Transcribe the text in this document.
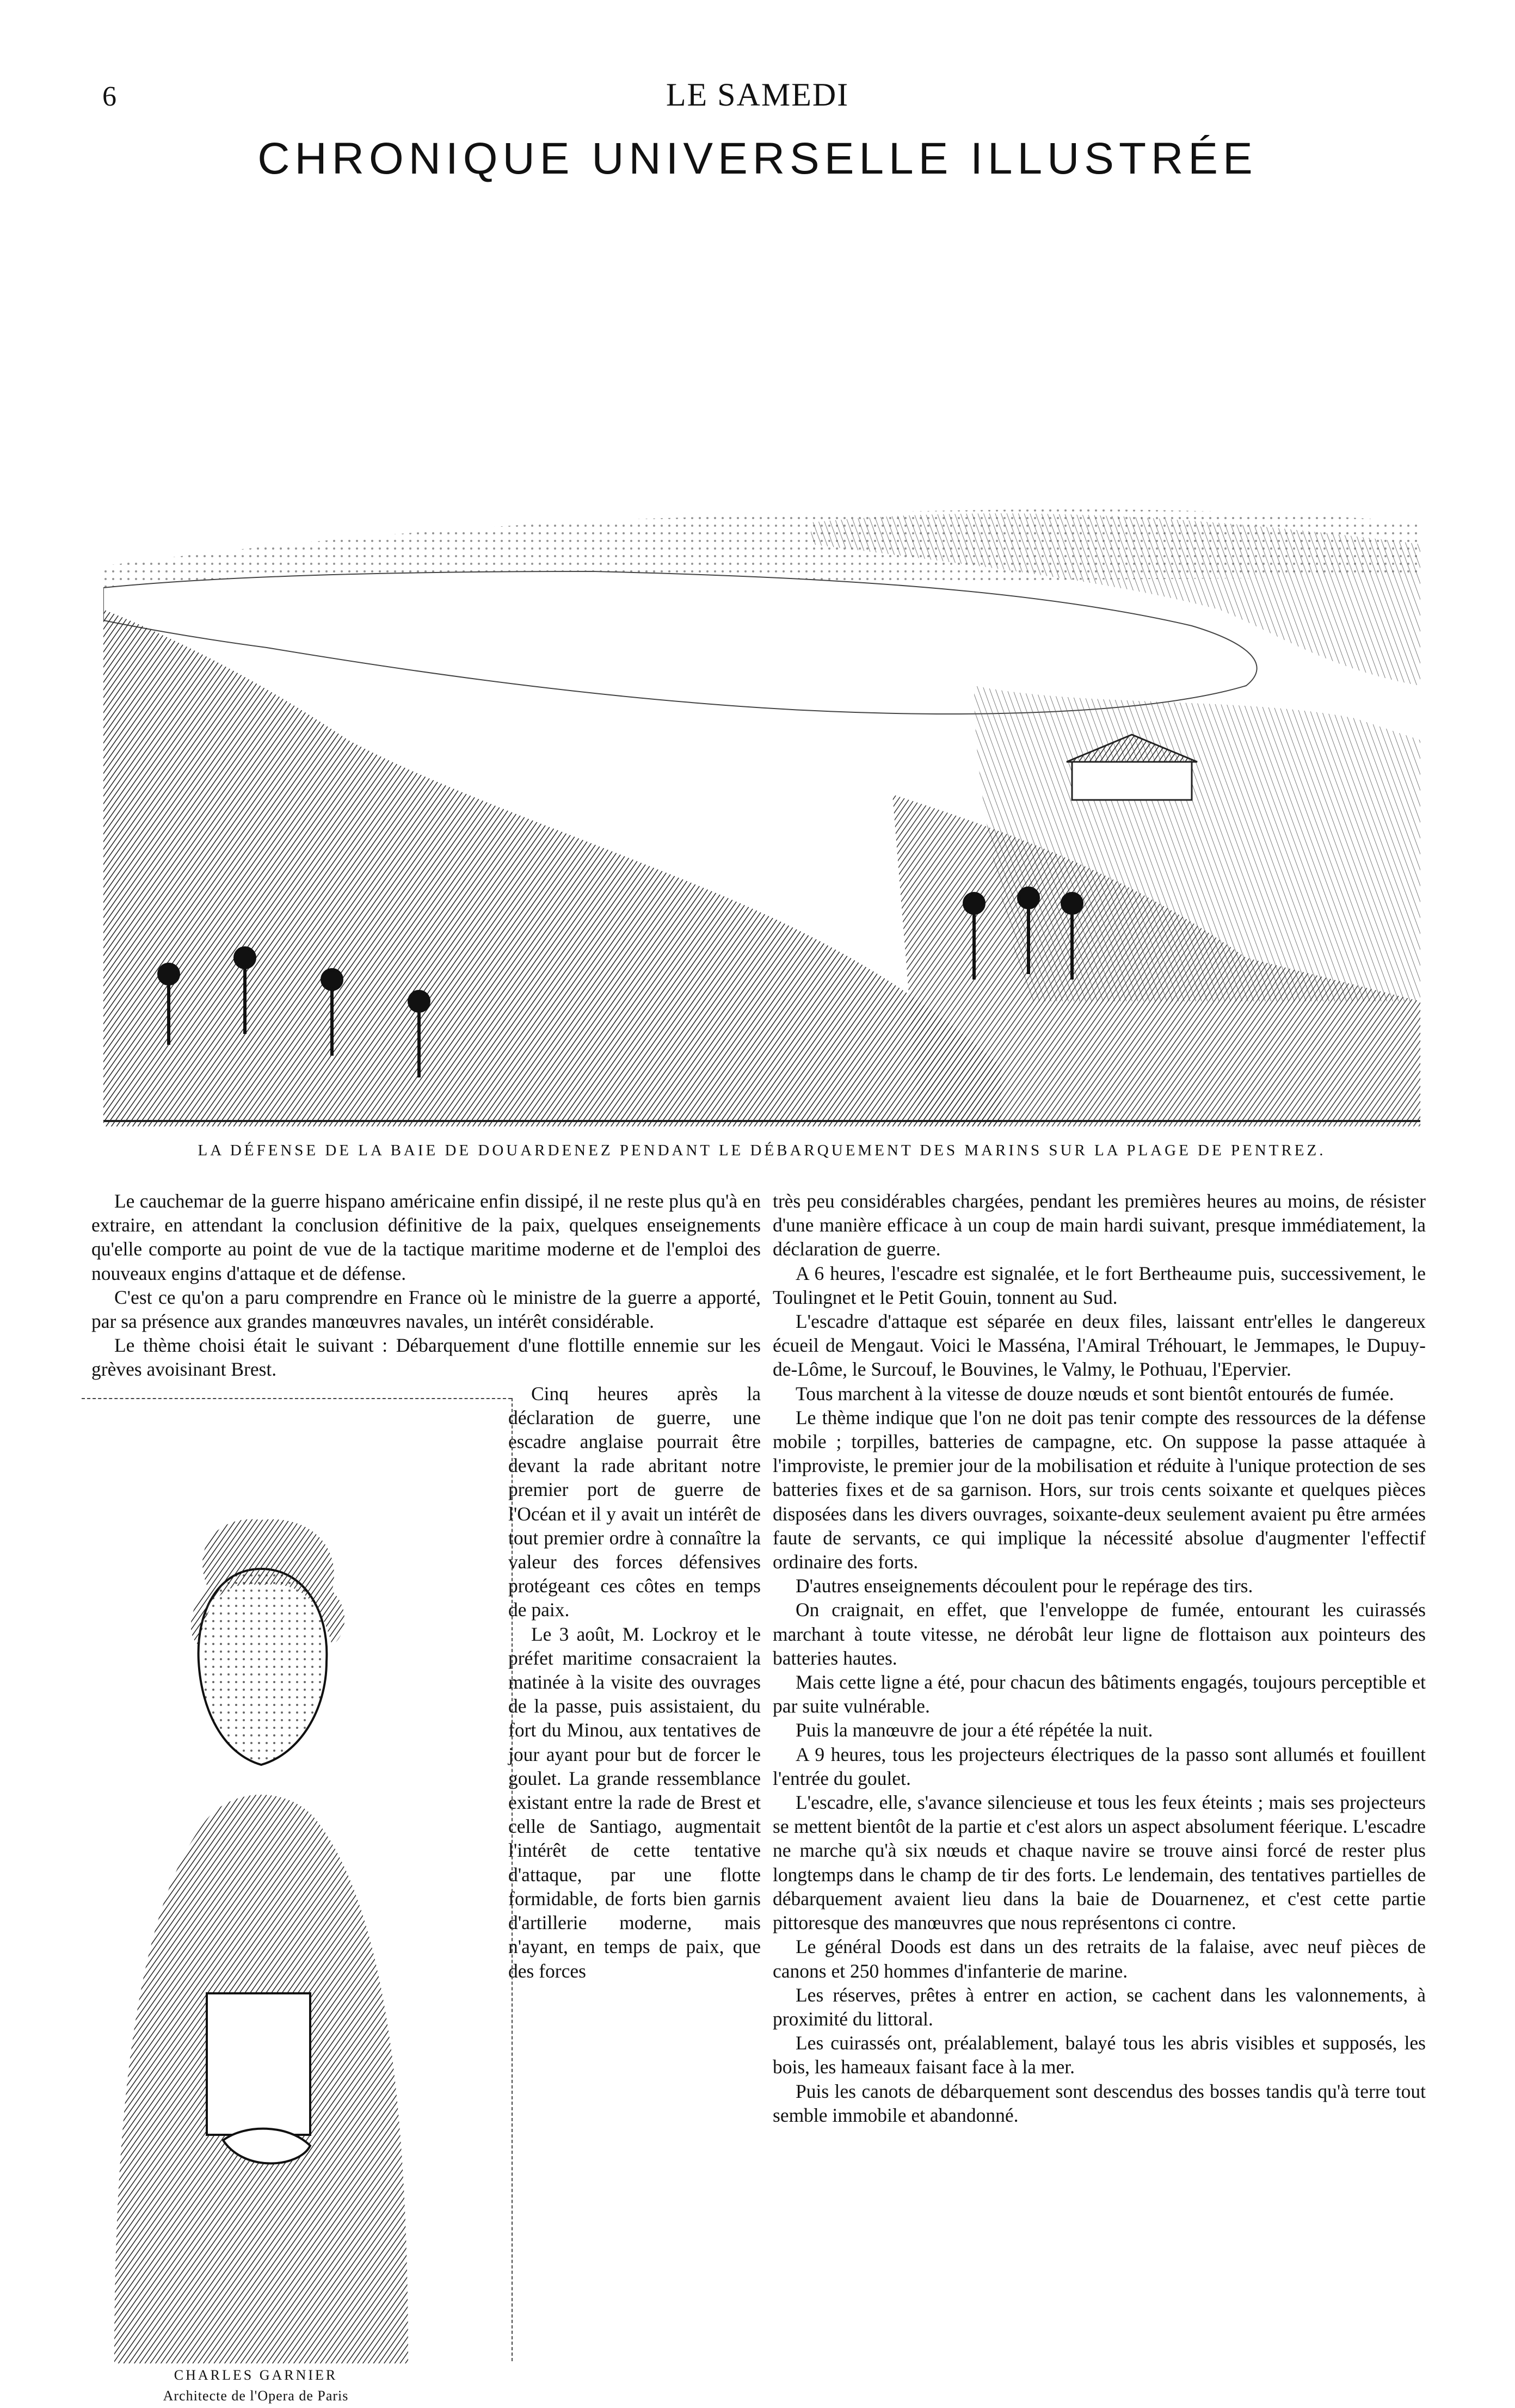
6	LE SAMEDI
CHRONIQUE UNIVERSELLE ILLUSTRÉE
LA DÉFENSE DE LA BAIE DE DOUARDENEZ PENDANT LE DÉBARQUEMENT DES MARINS SUR LA PLAGE DE PENTREZ.

Le cauchemar de la guerre hispano américaine enfin dissipé, il ne reste plus qu'à en extraire, en attendant la conclusion définitive de la paix, quelques enseignements qu'elle comporte au point de vue de la tactique maritime moderne et de l'emploi des nouveaux engins d'attaque et de défense.

C'est ce qu'on a paru comprendre en France où le ministre de la guerre a apporté, par sa présence aux grandes manœuvres navales, un intérêt considérable.

Le thème choisi était le suivant : Débarquement d'une flottille ennemie sur les grèves avoisinant Brest.

CHARLES GARNIER
Architecte de l'Opera de Paris

Cinq heures après la déclaration de guerre, une escadre anglaise pourrait être devant la rade abritant notre premier port de guerre de l'Océan et il y avait un intérêt de tout premier ordre à connaître la valeur des forces défensives protégeant ces côtes en temps de paix.

Le 3 août, M. Lockroy et le préfet maritime consacraient la matinée à la visite des ouvrages de la passe, puis assistaient, du fort du Minou, aux tentatives de jour ayant pour but de forcer le goulet. La grande ressemblance existant entre la rade de Brest et celle de Santiago, augmentait l'intérêt de cette tentative d'attaque, par une flotte formidable, de forts bien garnis d'artillerie moderne, mais n'ayant, en temps de paix, que des forces

très peu considérables chargées, pendant les premières heures au moins, de résister d'une manière efficace à un coup de main hardi suivant, presque immédiatement, la déclaration de guerre.

A 6 heures, l'escadre est signalée, et le fort Bertheaume puis, successivement, le Toulingnet et le Petit Gouin, tonnent au Sud.

L'escadre d'attaque est séparée en deux files, laissant entr'elles le dangereux écueil de Mengaut. Voici le Masséna, l'Amiral Tréhouart, le Jemmapes, le Dupuy-de-Lôme, le Surcouf, le Bouvines, le Valmy, le Pothuau, l'Epervier.

Tous marchent à la vitesse de douze nœuds et sont bientôt entourés de fumée.

Le thème indique que l'on ne doit pas tenir compte des ressources de la défense mobile ; torpilles, batteries de campagne, etc. On suppose la passe attaquée à l'improviste, le premier jour de la mobilisation et réduite à l'unique protection de ses batteries fixes et de sa garnison. Hors, sur trois cents soixante et quelques pièces disposées dans les divers ouvrages, soixante-deux seulement avaient pu être armées faute de servants, ce qui implique la nécessité absolue d'augmenter l'effectif ordinaire des forts.

D'autres enseignements découlent pour le repérage des tirs.

On craignait, en effet, que l'enveloppe de fumée, entourant les cuirassés marchant à toute vitesse, ne dérobât leur ligne de flottaison aux pointeurs des batteries hautes.

Mais cette ligne a été, pour chacun des bâtiments engagés, toujours perceptible et par suite vulnérable.

Puis la manœuvre de jour a été répétée la nuit.

A 9 heures, tous les projecteurs électriques de la passo sont allumés et fouillent l'entrée du goulet.

L'escadre, elle, s'avance silencieuse et tous les feux éteints ; mais ses projecteurs se mettent bientôt de la partie et c'est alors un aspect absolument féerique. L'escadre ne marche qu'à six nœuds et chaque navire se trouve ainsi forcé de rester plus longtemps dans le champ de tir des forts. Le lendemain, des tentatives partielles de débarquement avaient lieu dans la baie de Douarnenez, et c'est cette partie pittoresque des manœuvres que nous représentons ci contre.

Le général Doods est dans un des retraits de la falaise, avec neuf pièces de canons et 250 hommes d'infanterie de marine.

Les réserves, prêtes à entrer en action, se cachent dans les valonnements, à proximité du littoral.

Les cuirassés ont, préalablement, balayé tous les abris visibles et supposés, les bois, les hameaux faisant face à la mer.

Puis les canots de débarquement sont descendus des bosses tandis qu'à terre tout semble immobile et abandonné.
